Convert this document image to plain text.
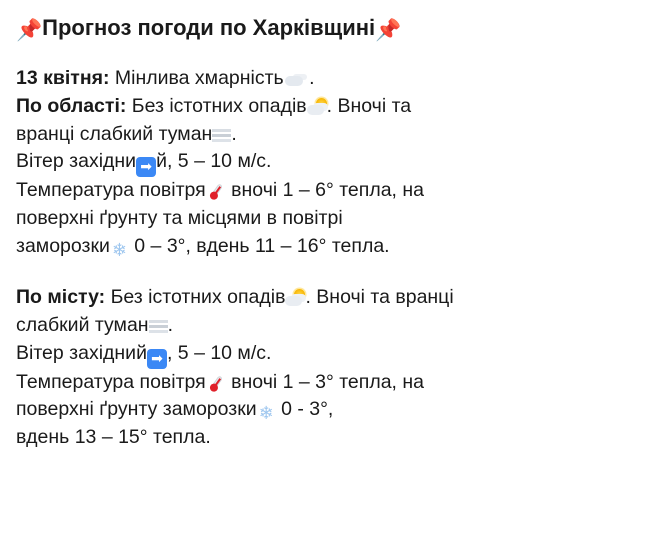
📌Прогноз погоди по Харківщині📌
13 квітня: Мінлива хмарність .
По області: Без істотних опадів . Вночі та
вранці слабкий туман .
Вітер західни ➡ й, 5 – 10 м/с.
Температура повітря вночі 1 – 6° тепла, на
поверхні ґрунту та місцями в повітрі
заморозки ❄ 0 – 3°, вдень 11 – 16° тепла.
По місту: Без істотних опадів . Вночі та вранці
слабкий туман .
Вітер західний ➡ , 5 – 10 м/с.
Температура повітря вночі 1 – 3° тепла, на
поверхні ґрунту заморозки ❄ 0 - 3°,
вдень 13 – 15° тепла.
